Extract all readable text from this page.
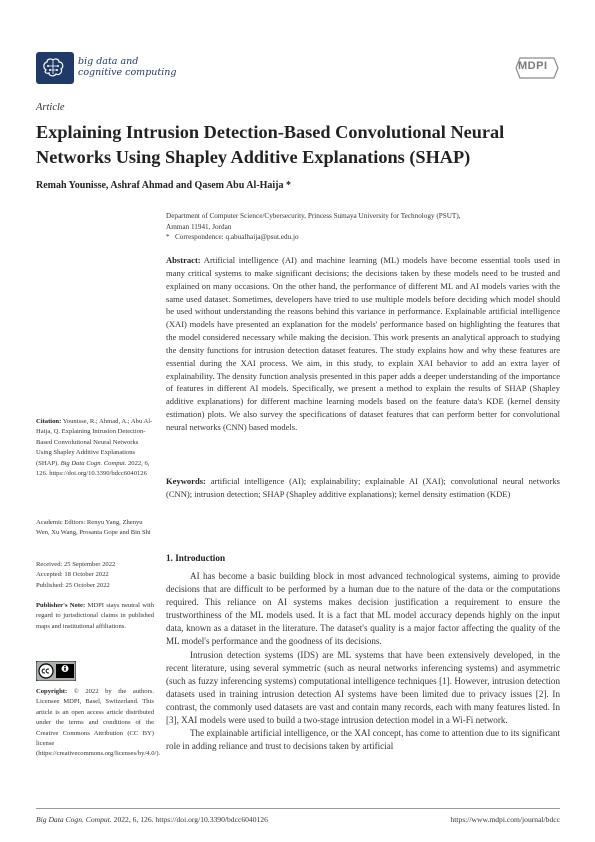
big data and
cognitive computing
MDPI
Article
Explaining Intrusion Detection-Based Convolutional Neural Networks Using Shapley Additive Explanations (SHAP)
Remah Younisse, Ashraf Ahmad and Qasem Abu Al-Haija *

Department of Computer Science/Cybersecurity, Princess Sumaya University for Technology (PSUT),

Amman 11941, Jordan

* Correspondence: q.abualhaija@psut.edu.jo

Abstract: Artificial intelligence (AI) and machine learning (ML) models have become essential tools used in many critical systems to make significant decisions; the decisions taken by these models need to be trusted and explained on many occasions. On the other hand, the performance of different ML and AI models varies with the same used dataset. Sometimes, developers have tried to use multiple models before deciding which model should be used without understanding the reasons behind this variance in performance. Explainable artificial intelligence (XAI) models have presented an explanation for the models' performance based on highlighting the features that the model considered necessary while making the decision. This work presents an analytical approach to studying the density functions for intrusion detection dataset features. The study explains how and why these features are essential during the XAI process. We aim, in this study, to explain XAI behavior to add an extra layer of explainability. The density function analysis presented in this paper adds a deeper understanding of the importance of features in different AI models. Specifically, we present a method to explain the results of SHAP (Shapley additive explanations) for different machine learning models based on the feature data's KDE (kernel density estimation) plots. We also survey the specifications of dataset features that can perform better for convolutional neural networks (CNN) based models.
Keywords: artificial intelligence (AI); explainability; explainable AI (XAI); convolutional neural networks (CNN); intrusion detection; SHAP (Shapley additive explanations); kernel density estimation (KDE)
1. Introduction

AI has become a basic building block in most advanced technological systems, aiming to provide decisions that are difficult to be performed by a human due to the nature of the data or the computations required. This reliance on AI systems makes decision justification a requirement to ensure the trustworthiness of the ML models used. It is a fact that ML model accuracy depends highly on the input data, known as a dataset in the literature. The dataset's quality is a major factor affecting the quality of the ML model's performance and the goodness of its decisions.

Intrusion detection systems (IDS) are ML systems that have been extensively developed, in the recent literature, using several symmetric (such as neural networks inferencing systems) and asymmetric (such as fuzzy inferencing systems) computational intelligence techniques [1]. However, intrusion detection datasets used in training intrusion detection AI systems have been limited due to privacy issues [2]. In contrast, the commonly used datasets are vast and contain many records, each with many features listed. In [3], XAI models were used to build a two-stage intrusion detection model in a Wi-Fi network.

The explainable artificial intelligence, or the XAI concept, has come to attention due to its significant role in adding reliance and trust to decisions taken by artificial

Citation: Younisse, R.; Ahmad, A.; Abu Al-Haija, Q. Explaining Intrusion Detection-Based Convolutional Neural Networks Using Shapley Additive Explanations (SHAP). Big Data Cogn. Comput. 2022, 6, 126. https://doi.org/10.3390/bdcc6040126
Academic Editors: Renyu Yang, Zhenyu Wen, Xu Wang, Prosanta Gope and Bin Shi

Received: 25 September 2022

Accepted: 18 October 2022

Published: 25 October 2022

Publisher's Note: MDPI stays neutral with regard to jurisdictional claims in published maps and institutional affiliations.
Copyright: © 2022 by the authors. Licensee MDPI, Basel, Switzerland. This article is an open access article distributed under the terms and conditions of the Creative Commons Attribution (CC BY) license (https://creativecommons.org/licenses/by/4.0/).
Big Data Cogn. Comput. 2022, 6, 126. https://doi.org/10.3390/bdcc6040126	https://www.mdpi.com/journal/bdcc
